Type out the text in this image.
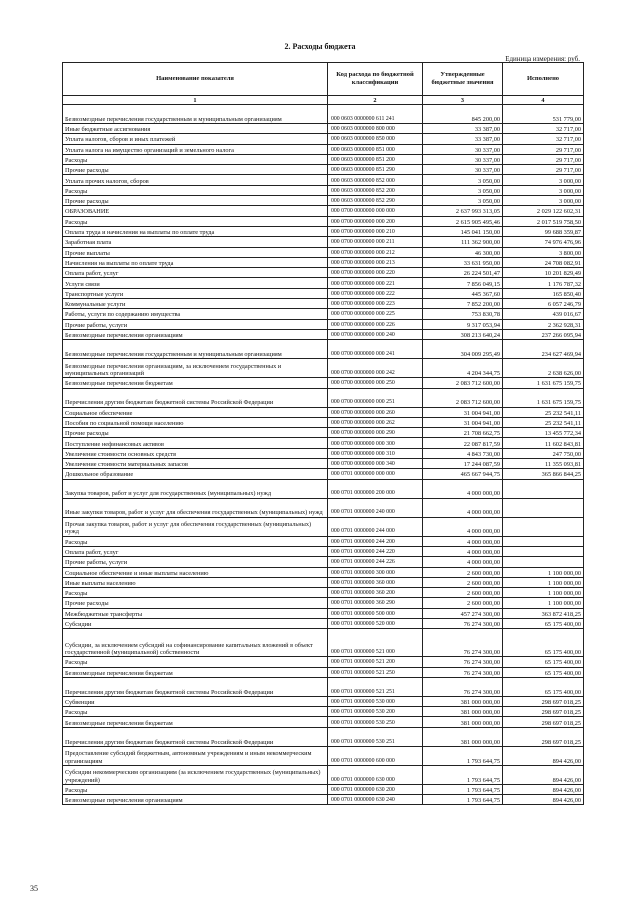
2. Расходы бюджета
Единица измерения: руб.
Наименование показателя	Код расхода по бюджетной классификации	Утвержденные бюджетные значения	Исполнено
1	2	3	4
Безвозмездные перечисления государственным и муниципальным организациям	000 0603 0000000 611 241	845 200,00	531 779,00
Иные бюджетные ассигнования	000 0603 0000000 800 000	33 387,00	32 717,00
Уплата налогов, сборов и иных платежей	000 0603 0000000 850 000	33 387,00	32 717,00
Уплата налога на имущество организаций и земельного налога	000 0603 0000000 851 000	30 337,00	29 717,00
Расходы	000 0603 0000000 851 200	30 337,00	29 717,00
Прочие расходы	000 0603 0000000 851 290	30 337,00	29 717,00
Уплата прочих налогов, сборов	000 0603 0000000 852 000	3 050,00	3 000,00
Расходы	000 0603 0000000 852 200	3 050,00	3 000,00
Прочие расходы	000 0603 0000000 852 290	3 050,00	3 000,00
ОБРАЗОВАНИЕ	000 0700 0000000 000 000	2 637 993 313,05	2 029 122 602,31
Расходы	000 0700 0000000 000 200	2 615 905 495,46	2 017 519 758,50
Оплата труда и начисления на выплаты по оплате труда	000 0700 0000000 000 210	145 041 150,00	99 688 359,87
Заработная плата	000 0700 0000000 000 211	111 362 900,00	74 976 476,96
Прочие выплаты	000 0700 0000000 000 212	46 300,00	3 800,00
Начисления на выплаты по оплате труда	000 0700 0000000 000 213	33 631 950,00	24 708 082,91
Оплата работ, услуг	000 0700 0000000 000 220	26 224 501,47	10 201 829,49
Услуги связи	000 0700 0000000 000 221	7 856 049,15	1 176 787,32
Транспортные услуги	000 0700 0000000 000 222	445 367,60	165 850,40
Коммунальные услуги	000 0700 0000000 000 223	7 852 200,00	6 057 246,79
Работы, услуги по содержанию имущества	000 0700 0000000 000 225	753 830,78	439 016,67
Прочие работы, услуги	000 0700 0000000 000 226	9 317 053,94	2 362 928,31
Безвозмездные перечисления организациям	000 0700 0000000 000 240	308 213 640,24	237 266 095,94
Безвозмездные перечисления государственным и муниципальным организациям	000 0700 0000000 000 241	304 009 295,49	234 627 469,94
Безвозмездные перечисления организациям, за исключением государственных и муниципальных организаций	000 0700 0000000 000 242	4 204 344,75	2 638 626,00
Безвозмездные перечисления бюджетам	000 0700 0000000 000 250	2 083 712 600,00	1 631 675 159,75
Перечисления другим бюджетам бюджетной системы Российской Федерации	000 0700 0000000 000 251	2 083 712 600,00	1 631 675 159,75
Социальное обеспечение	000 0700 0000000 000 260	31 004 941,00	25 232 541,11
Пособия по социальной помощи населению	000 0700 0000000 000 262	31 004 941,00	25 232 541,11
Прочие расходы	000 0700 0000000 000 290	21 708 662,75	13 455 772,34
Поступление нефинансовых активов	000 0700 0000000 000 300	22 087 817,59	11 602 843,81
Увеличение стоимости основных средств	000 0700 0000000 000 310	4 843 730,00	247 750,00
Увеличение стоимости материальных запасов	000 0700 0000000 000 340	17 244 087,59	11 355 093,81
Дошкольное образование	000 0701 0000000 000 000	465 667 944,75	365 866 844,25
Закупка товаров, работ и услуг для государственных (муниципальных) нужд	000 0701 0000000 200 000	4 000 000,00	
Иные закупки товаров, работ и услуг для обеспечения государственных (муниципальных) нужд	000 0701 0000000 240 000	4 000 000,00	
Прочая закупка товаров, работ и услуг для обеспечения государственных (муниципальных) нужд	000 0701 0000000 244 000	4 000 000,00	
Расходы	000 0701 0000000 244 200	4 000 000,00	
Оплата работ, услуг	000 0701 0000000 244 220	4 000 000,00	
Прочие работы, услуги	000 0701 0000000 244 226	4 000 000,00	
Социальное обеспечение и иные выплаты населению	000 0701 0000000 300 000	2 600 000,00	1 100 000,00
Иные выплаты населению	000 0701 0000000 360 000	2 600 000,00	1 100 000,00
Расходы	000 0701 0000000 360 200	2 600 000,00	1 100 000,00
Прочие расходы	000 0701 0000000 360 290	2 600 000,00	1 100 000,00
Межбюджетные трансферты	000 0701 0000000 500 000	457 274 300,00	363 872 418,25
Субсидии	000 0701 0000000 520 000	76 274 300,00	65 175 400,00
Субсидии, за исключением субсидий на софинансирование капитальных вложений в объект государственной (муниципальной) собственности	000 0701 0000000 521 000	76 274 300,00	65 175 400,00
Расходы	000 0701 0000000 521 200	76 274 300,00	65 175 400,00
Безвозмездные перечисления бюджетам	000 0701 0000000 521 250	76 274 300,00	65 175 400,00
Перечисления другим бюджетам бюджетной системы Российской Федерации	000 0701 0000000 521 251	76 274 300,00	65 175 400,00
Субвенции	000 0701 0000000 530 000	381 000 000,00	298 697 018,25
Расходы	000 0701 0000000 530 200	381 000 000,00	298 697 018,25
Безвозмездные перечисления бюджетам	000 0701 0000000 530 250	381 000 000,00	298 697 018,25
Перечисления другим бюджетам бюджетной системы Российской Федерации	000 0701 0000000 530 251	381 000 000,00	298 697 018,25
Предоставление субсидий бюджетным, автономным учреждениям и иным некоммерческим организациям	000 0701 0000000 600 000	1 793 644,75	894 426,00
Субсидии некоммерческим организациям (за исключением государственных (муниципальных) учреждений)	000 0701 0000000 630 000	1 793 644,75	894 426,00
Расходы	000 0701 0000000 630 200	1 793 644,75	894 426,00
Безвозмездные перечисления организациям	000 0701 0000000 630 240	1 793 644,75	894 426,00
35
